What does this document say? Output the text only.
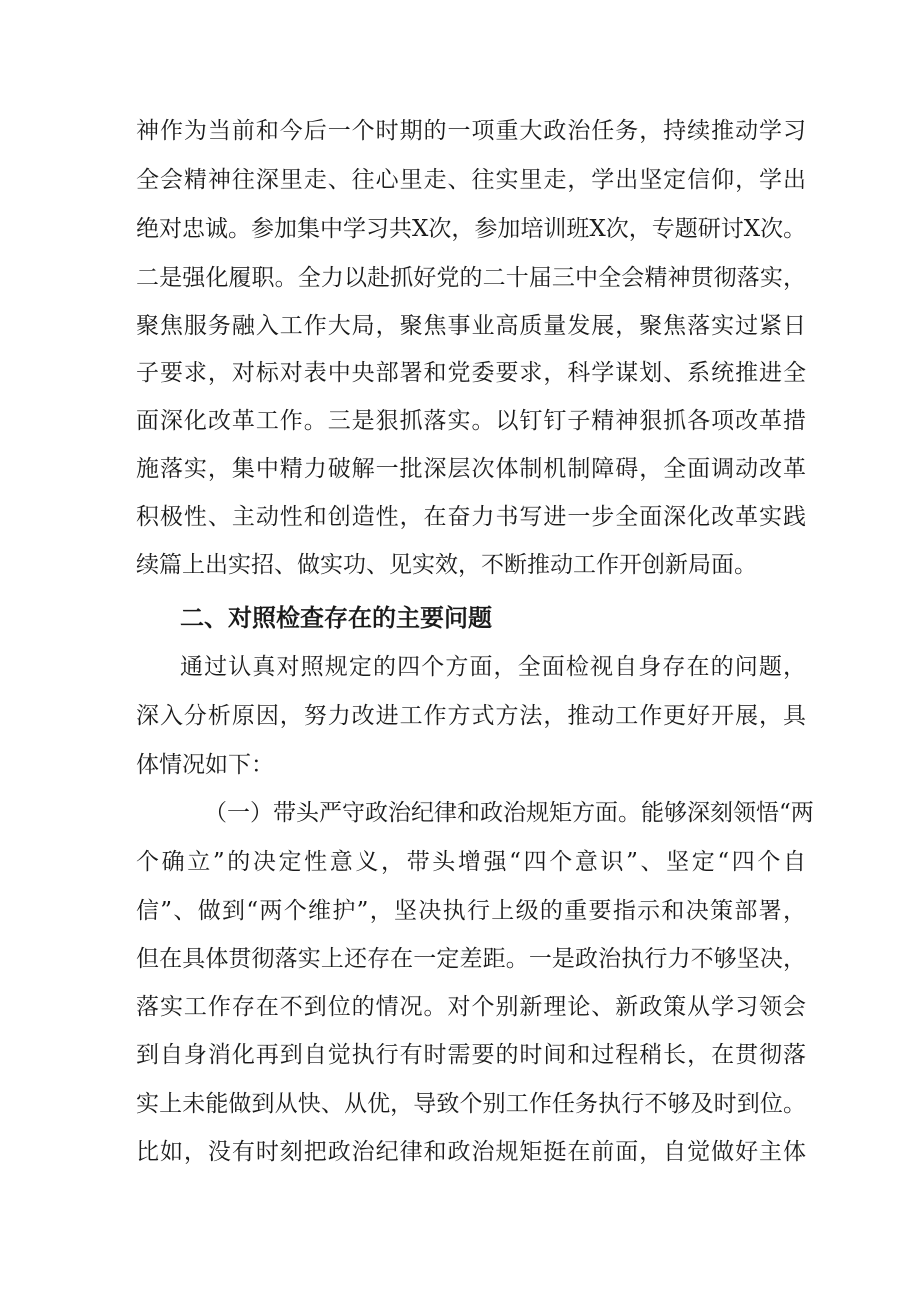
神作为当前和今后一个时期的一项重大政治任务，持续推动学习
全会精神往深里走、往心里走、往实里走，学出坚定信仰，学出
绝对忠诚。参加集中学习共X次，参加培训班X次，专题研讨X次。
二是强化履职。全力以赴抓好党的二十届三中全会精神贯彻落实，
聚焦服务融入工作大局，聚焦事业高质量发展，聚焦落实过紧日
子要求，对标对表中央部署和党委要求，科学谋划、系统推进全
面深化改革工作。三是狠抓落实。以钉钉子精神狠抓各项改革措
施落实，集中精力破解一批深层次体制机制障碍，全面调动改革
积极性、主动性和创造性，在奋力书写进一步全面深化改革实践
续篇上出实招、做实功、见实效，不断推动工作开创新局面。
二、对照检查存在的主要问题
通过认真对照规定的四个方面，全面检视自身存在的问题，
深入分析原因，努力改进工作方式方法，推动工作更好开展，具
体情况如下：
（一）带头严守政治纪律和政治规矩方面。能够深刻领悟“两
个确立”的决定性意义，带头增强“四个意识”、坚定“四个自
信”、做到“两个维护”，坚决执行上级的重要指示和决策部署，
但在具体贯彻落实上还存在一定差距。一是政治执行力不够坚决，
落实工作存在不到位的情况。对个别新理论、新政策从学习领会
到自身消化再到自觉执行有时需要的时间和过程稍长，在贯彻落
实上未能做到从快、从优，导致个别工作任务执行不够及时到位。
比如，没有时刻把政治纪律和政治规矩挺在前面，自觉做好主体
